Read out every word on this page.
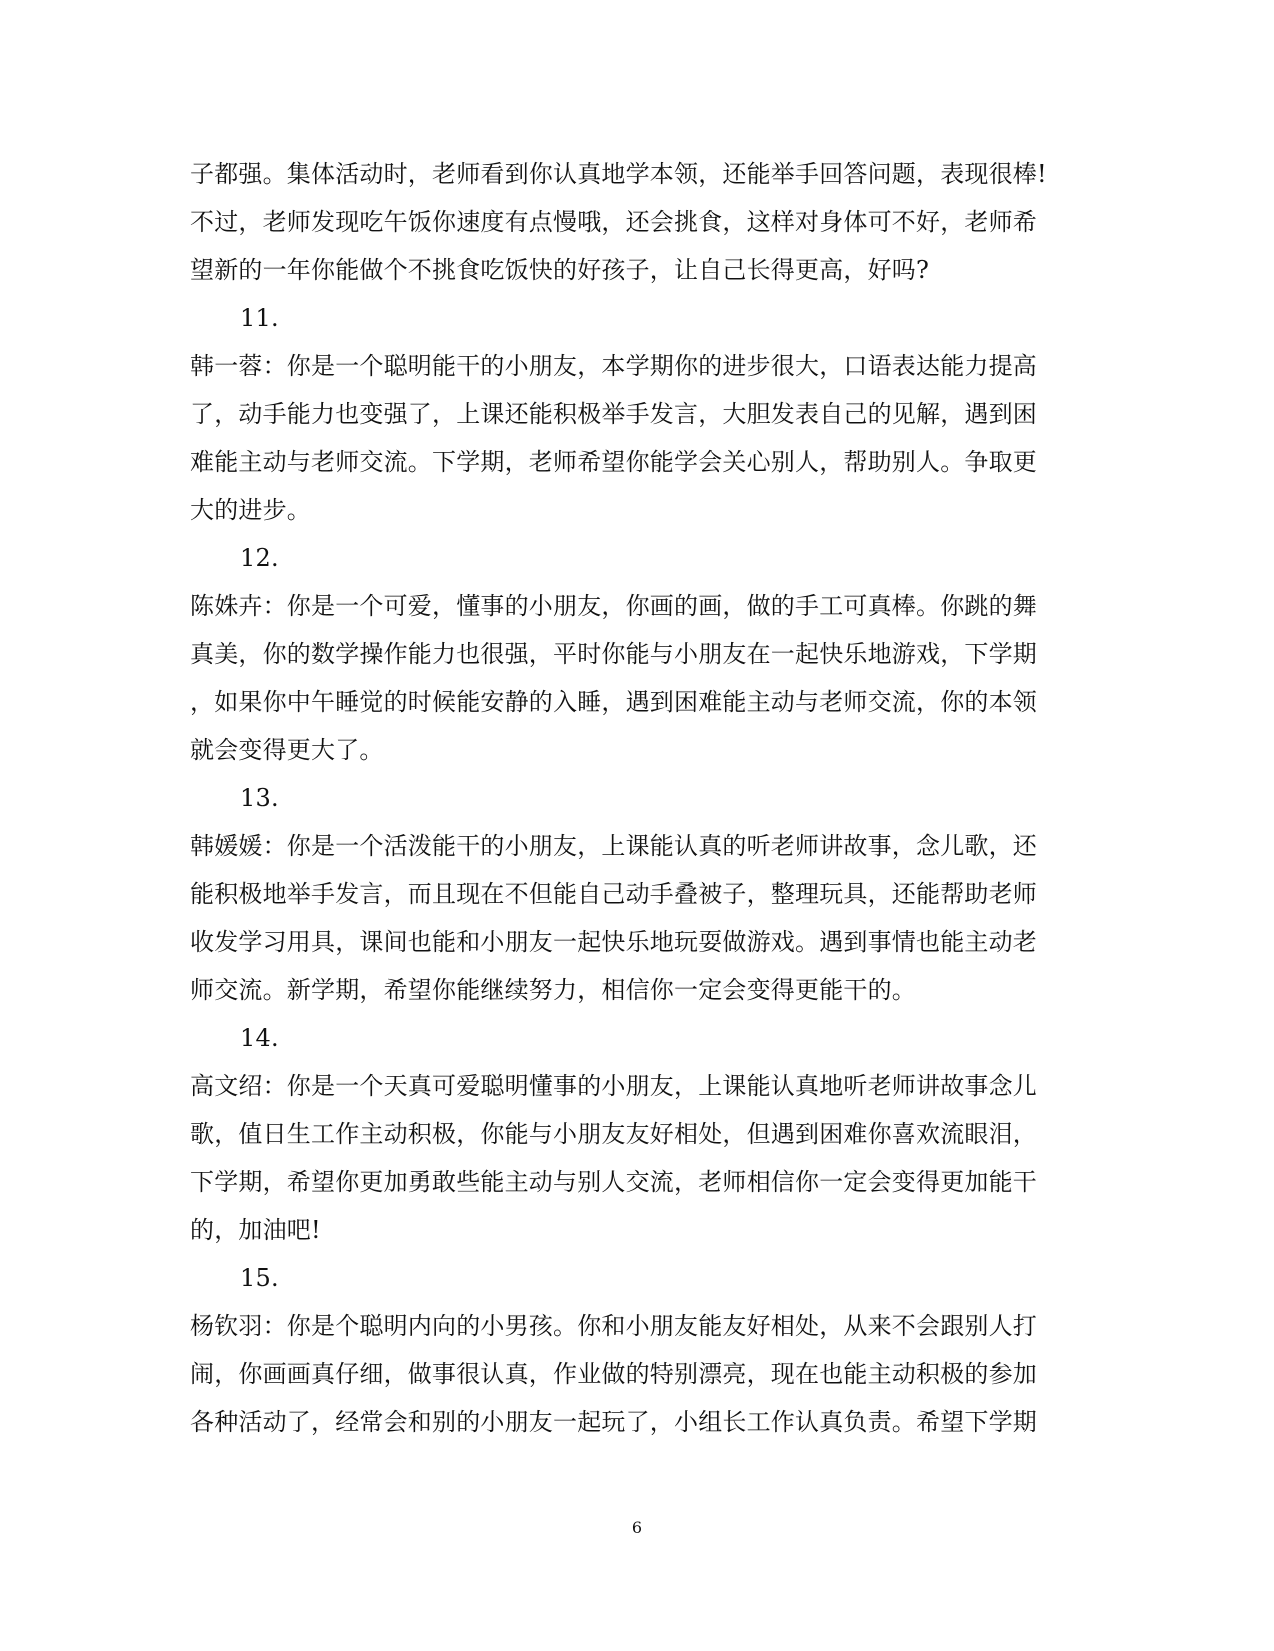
子都强。集体活动时，老师看到你认真地学本领，还能举手回答问题，表现很棒!
不过，老师发现吃午饭你速度有点慢哦，还会挑食，这样对身体可不好，老师希
望新的一年你能做个不挑食吃饭快的好孩子，让自己长得更高，好吗?
11.
韩一蓉：你是一个聪明能干的小朋友，本学期你的进步很大，口语表达能力提高
了，动手能力也变强了，上课还能积极举手发言，大胆发表自己的见解，遇到困
难能主动与老师交流。下学期，老师希望你能学会关心别人，帮助别人。争取更
大的进步。
12.
陈姝卉：你是一个可爱，懂事的小朋友，你画的画，做的手工可真棒。你跳的舞
真美，你的数学操作能力也很强，平时你能与小朋友在一起快乐地游戏，下学期
，如果你中午睡觉的时候能安静的入睡，遇到困难能主动与老师交流，你的本领
就会变得更大了。
13.
韩媛媛：你是一个活泼能干的小朋友，上课能认真的听老师讲故事，念儿歌，还
能积极地举手发言，而且现在不但能自己动手叠被子，整理玩具，还能帮助老师
收发学习用具，课间也能和小朋友一起快乐地玩耍做游戏。遇到事情也能主动老
师交流。新学期，希望你能继续努力，相信你一定会变得更能干的。
14.
高文绍：你是一个天真可爱聪明懂事的小朋友，上课能认真地听老师讲故事念儿
歌，值日生工作主动积极，你能与小朋友友好相处，但遇到困难你喜欢流眼泪，
下学期，希望你更加勇敢些能主动与别人交流，老师相信你一定会变得更加能干
的，加油吧!
15.
杨钦羽：你是个聪明内向的小男孩。你和小朋友能友好相处，从来不会跟别人打
闹，你画画真仔细，做事很认真，作业做的特别漂亮，现在也能主动积极的参加
各种活动了，经常会和别的小朋友一起玩了，小组长工作认真负责。希望下学期
6
